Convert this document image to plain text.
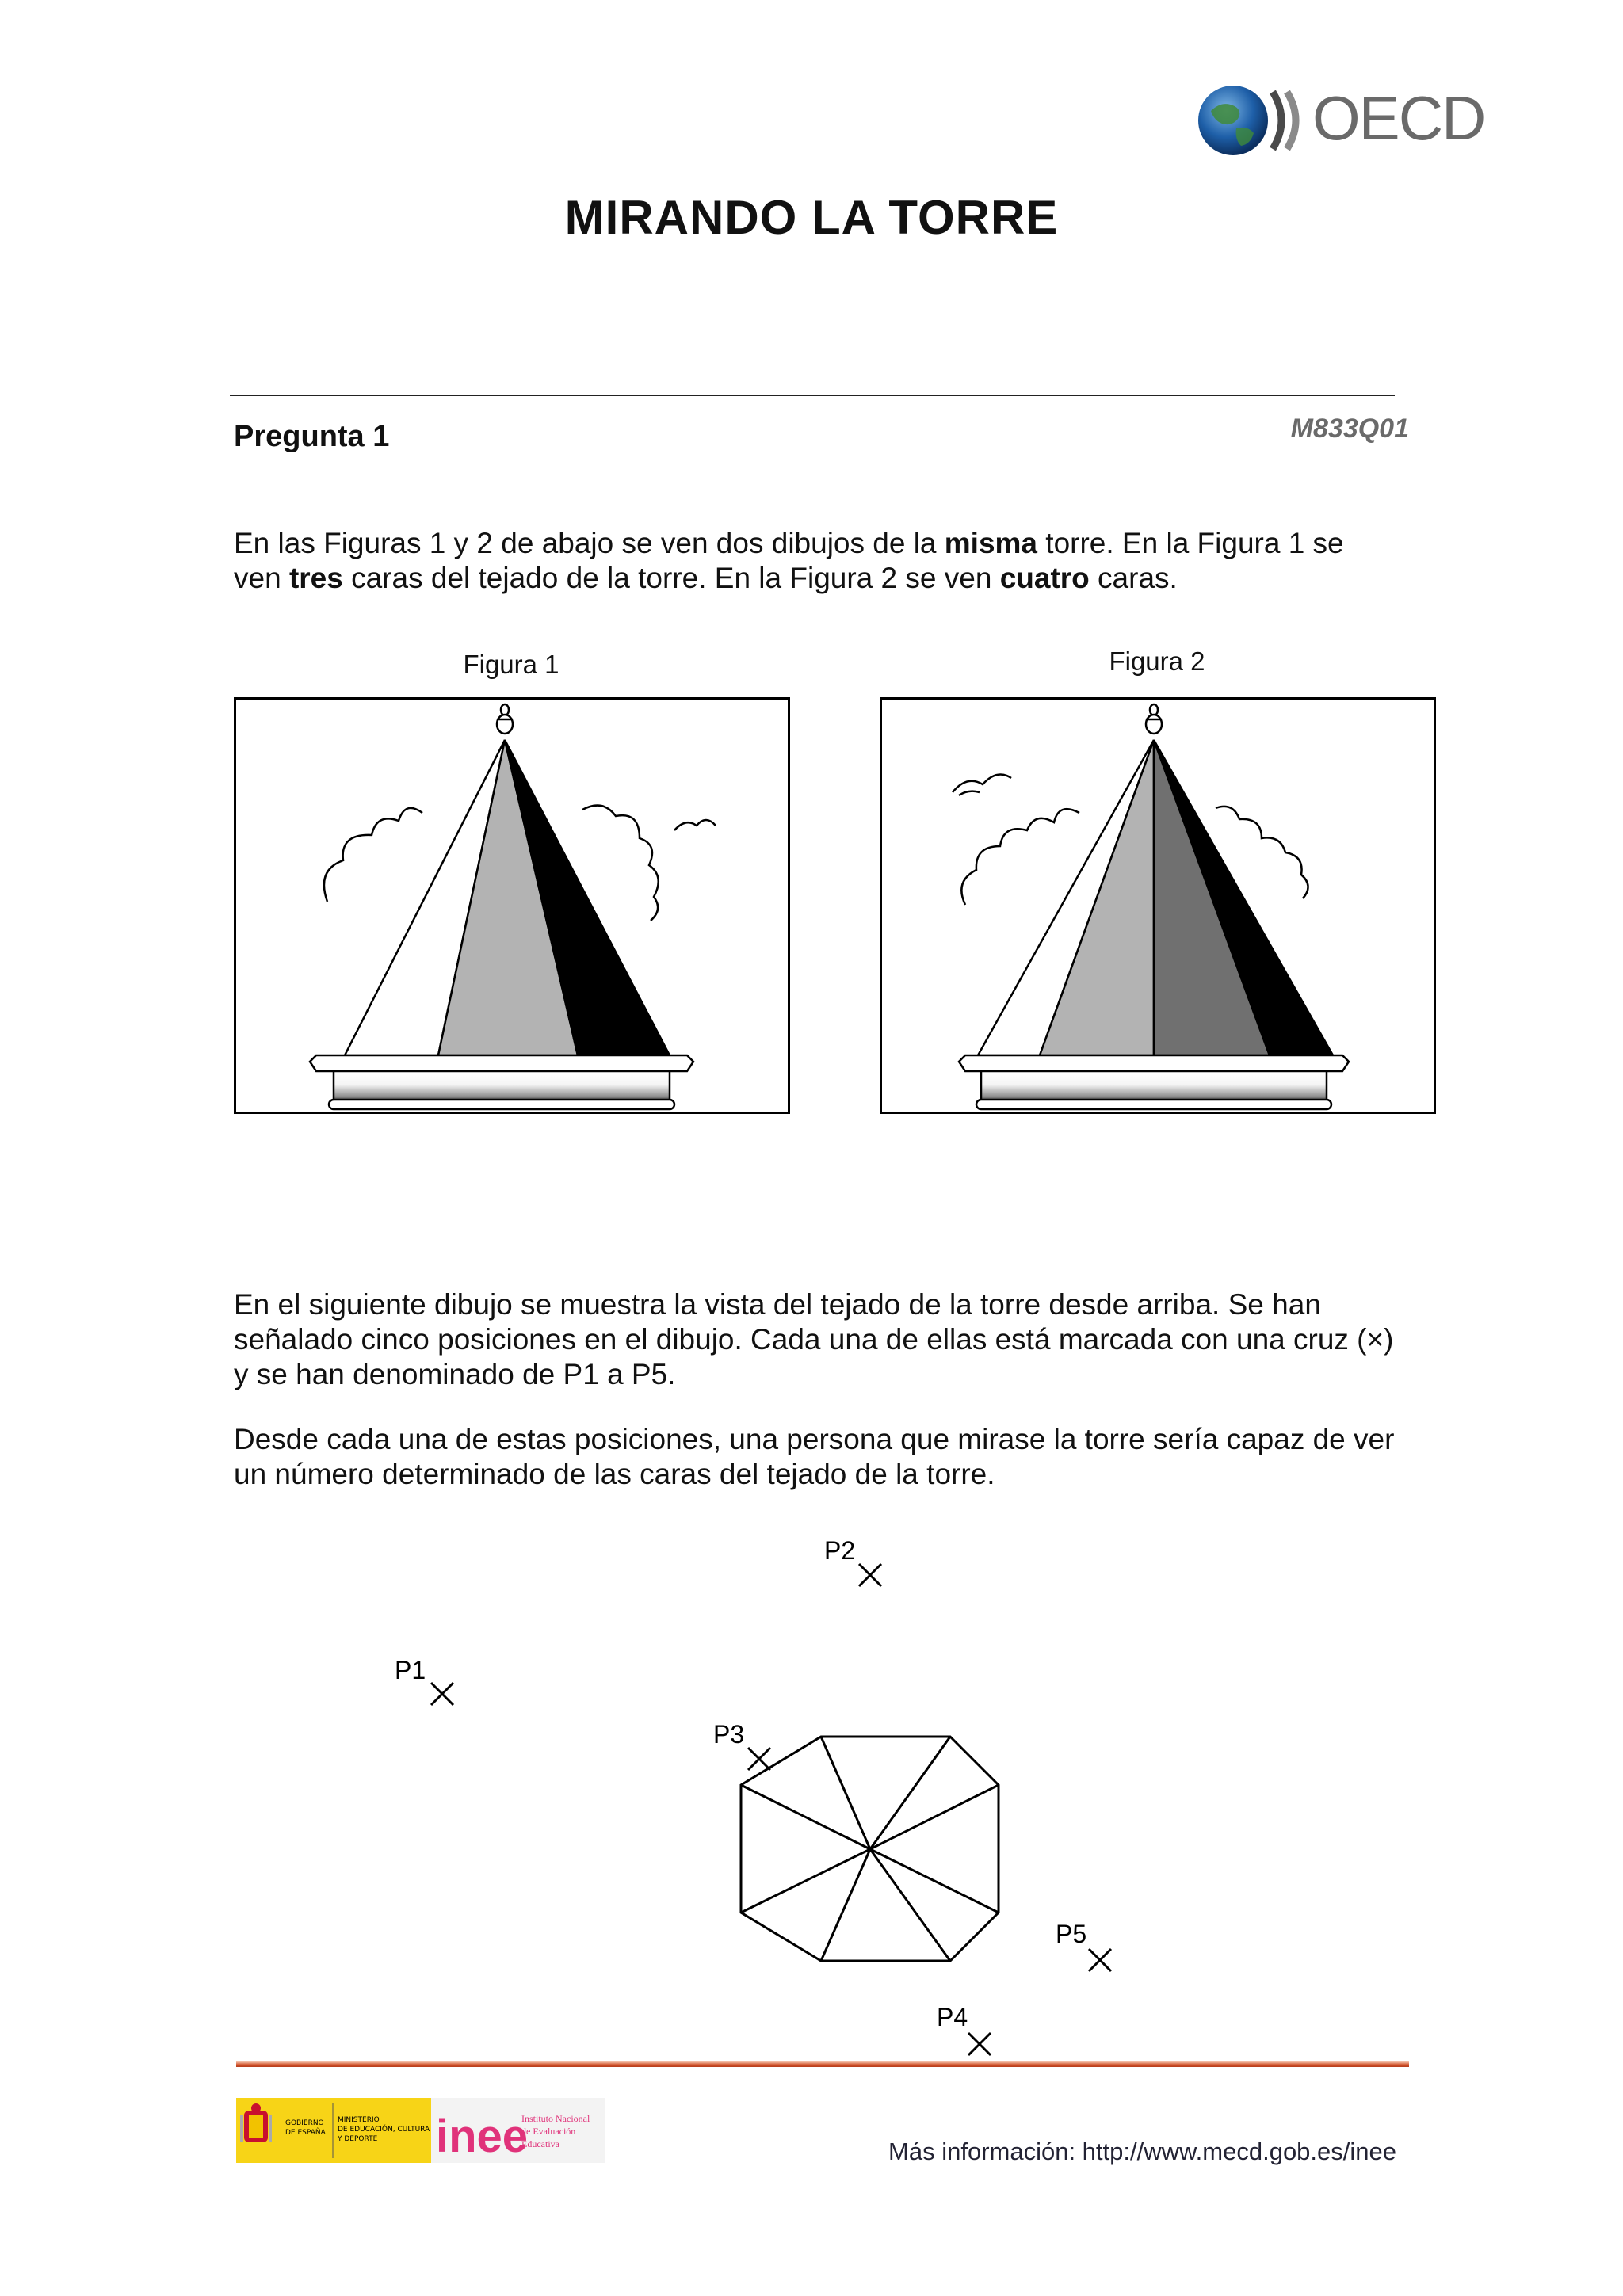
OECD
MIRANDO LA TORRE
Pregunta 1	M833Q01
En las Figuras 1 y 2 de abajo se ven dos dibujos de la misma torre. En la Figura 1 se ven tres caras del tejado de la torre. En la Figura 2 se ven cuatro caras.
Figura 1	Figura 2
En el siguiente dibujo se muestra la vista del tejado de la torre desde arriba. Se han señalado cinco posiciones en el dibujo. Cada una de ellas está marcada con una cruz (×) y se han denominado de P1 a P5.
Desde cada una de estas posiciones, una persona que mirase la torre sería capaz de ver un número determinado de las caras del tejado de la torre.
P1
P2
P3
P4
P5
GOBIERNO
DE ESPAÑA
MINISTERIO
DE EDUCACIÓN, CULTURA
Y DEPORTE inee
Instituto Nacional
de Evaluación
Educativa	Más información: http://www.mecd.gob.es/inee
